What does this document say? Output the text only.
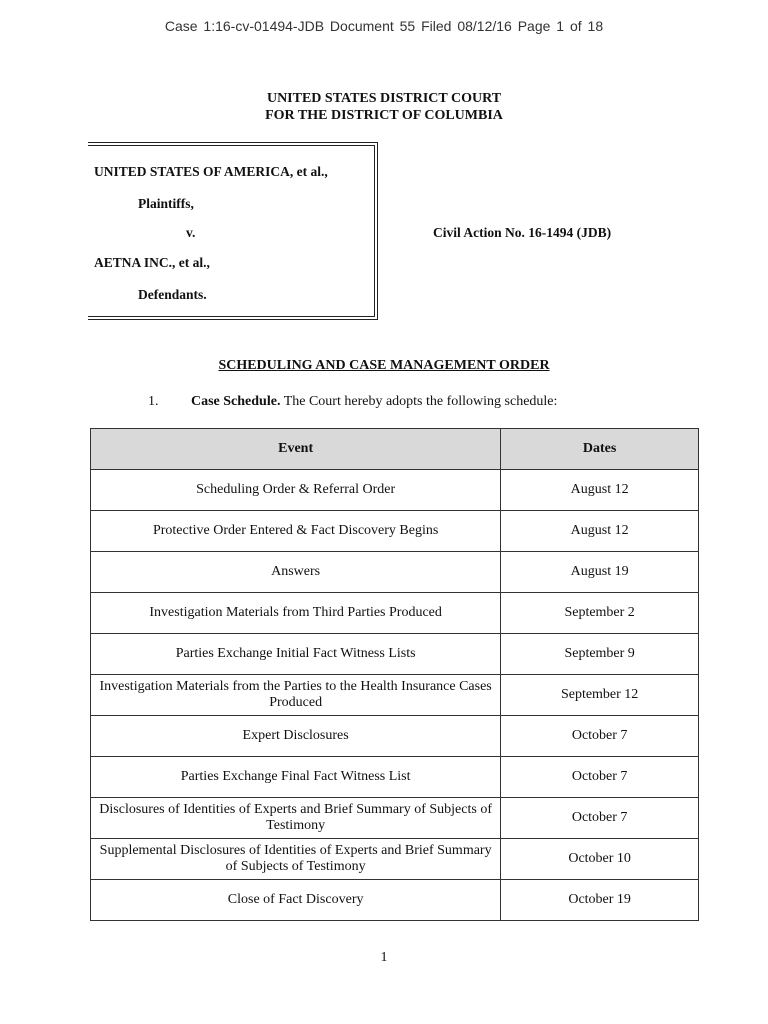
Case 1:16-cv-01494-JDB Document 55 Filed 08/12/16 Page 1 of 18
UNITED STATES DISTRICT COURT
FOR THE DISTRICT OF COLUMBIA
UNITED STATES OF AMERICA, et al.,
Plaintiffs,
v.
AETNA INC., et al.,
Defendants.
Civil Action No. 16-1494 (JDB)
SCHEDULING AND CASE MANAGEMENT ORDER
1. Case Schedule. The Court hereby adopts the following schedule:
Event	Dates
Scheduling Order & Referral Order	August 12
Protective Order Entered & Fact Discovery Begins	August 12
Answers	August 19
Investigation Materials from Third Parties Produced	September 2
Parties Exchange Initial Fact Witness Lists	September 9
Investigation Materials from the Parties to the Health Insurance Cases Produced	September 12
Expert Disclosures	October 7
Parties Exchange Final Fact Witness List	October 7
Disclosures of Identities of Experts and Brief Summary of Subjects of Testimony	October 7
Supplemental Disclosures of Identities of Experts and Brief Summary of Subjects of Testimony	October 10
Close of Fact Discovery	October 19
1
